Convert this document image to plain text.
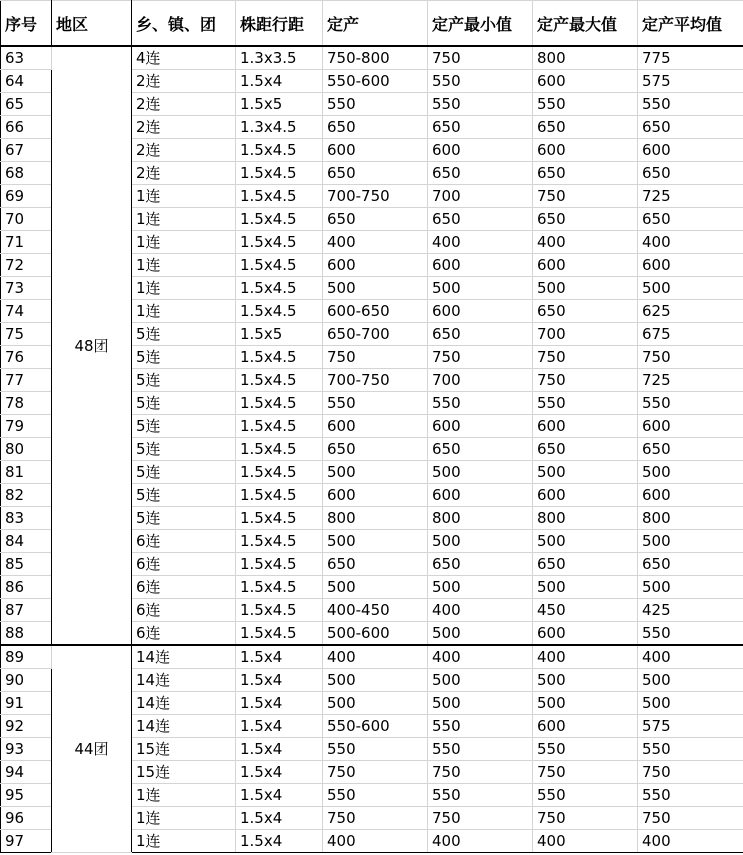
序号	地区	乡、镇、团	株距行距	定产	定产最小值	定产最大值	定产平均值
63	48团	4连	1.3x3.5	750-800	750	800	775
64		2连	1.5x4	550-600	550	600	575
65		2连	1.5x5	550	550	550	550
66		2连	1.3x4.5	650	650	650	650
67		2连	1.5x4.5	600	600	600	600
68		2连	1.5x4.5	650	650	650	650
69		1连	1.5x4.5	700-750	700	750	725
70		1连	1.5x4.5	650	650	650	650
71		1连	1.5x4.5	400	400	400	400
72		1连	1.5x4.5	600	600	600	600
73		1连	1.5x4.5	500	500	500	500
74		1连	1.5x4.5	600-650	600	650	625
75		5连	1.5x5	650-700	650	700	675
76		5连	1.5x4.5	750	750	750	750
77		5连	1.5x4.5	700-750	700	750	725
78		5连	1.5x4.5	550	550	550	550
79		5连	1.5x4.5	600	600	600	600
80		5连	1.5x4.5	650	650	650	650
81		5连	1.5x4.5	500	500	500	500
82		5连	1.5x4.5	600	600	600	600
83		5连	1.5x4.5	800	800	800	800
84		6连	1.5x4.5	500	500	500	500
85		6连	1.5x4.5	650	650	650	650
86		6连	1.5x4.5	500	500	500	500
87		6连	1.5x4.5	400-450	400	450	425
88		6连	1.5x4.5	500-600	500	600	550
89	44团	14连	1.5x4	400	400	400	400
90		14连	1.5x4	500	500	500	500
91		14连	1.5x4	500	500	500	500
92		14连	1.5x4	550-600	550	600	575
93		15连	1.5x4	550	550	550	550
94		15连	1.5x4	750	750	750	750
95		1连	1.5x4	550	550	550	550
96		1连	1.5x4	750	750	750	750
97		1连	1.5x4	400	400	400	400
